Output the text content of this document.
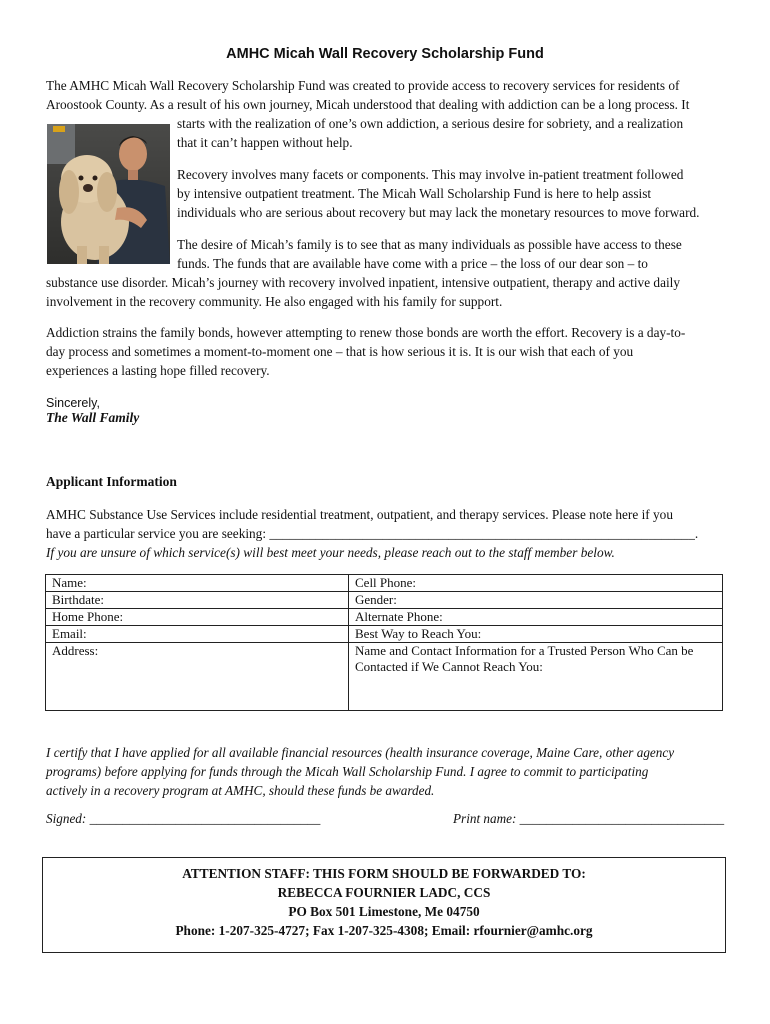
AMHC Micah Wall Recovery Scholarship Fund

The AMHC Micah Wall Recovery Scholarship Fund was created to provide access to recovery services for residents of

Aroostook County. As a result of his own journey, Micah understood that dealing with addiction can be a long process. It

starts with the realization of one’s own addiction, a serious desire for sobriety, and a realization

that it can’t happen without help.

Recovery involves many facets or components. This may involve in-patient treatment followed

by intensive outpatient treatment. The Micah Wall Scholarship Fund is here to help assist

individuals who are serious about recovery but may lack the monetary resources to move forward.

The desire of Micah’s family is to see that as many individuals as possible have access to these

funds. The funds that are available have come with a price – the loss of our dear son – to

substance use disorder. Micah’s journey with recovery involved inpatient, intensive outpatient, therapy and active daily

involvement in the recovery community. He also engaged with his family for support.

Addiction strains the family bonds, however attempting to renew those bonds are worth the effort. Recovery is a day-to-

day process and sometimes a moment-to-moment one – that is how serious it is. It is our wish that each of you

experiences a lasting hope filled recovery.

Sincerely,
The Wall Family
Applicant Information

AMHC Substance Use Services include residential treatment, outpatient, and therapy services. Please note here if you

have a particular service you are seeking: ________________________________________________________________.

If you are unsure of which service(s) will best meet your needs, please reach out to the staff member below.

Name:	Cell Phone:
Birthdate:	Gender:
Home Phone:	Alternate Phone:
Email:	Best Way to Reach You:
Address:	Name and Contact Information for a Trusted Person Who Can be
Contacted if We Cannot Reach You:
I certify that I have applied for all available financial resources (health insurance coverage, Maine Care, other agency
programs) before applying for funds through the Micah Wall Scholarship Fund. I agree to commit to participating
actively in a recovery program at AMHC, should these funds be awarded.
Signed: ___________________________________	Print name: _______________________________
ATTENTION STAFF: THIS FORM SHOULD BE FORWARDED TO:
REBECCA FOURNIER LADC, CCS
PO Box 501 Limestone, Me 04750
Phone: 1-207-325-4727; Fax 1-207-325-4308; Email: rfournier@amhc.org
